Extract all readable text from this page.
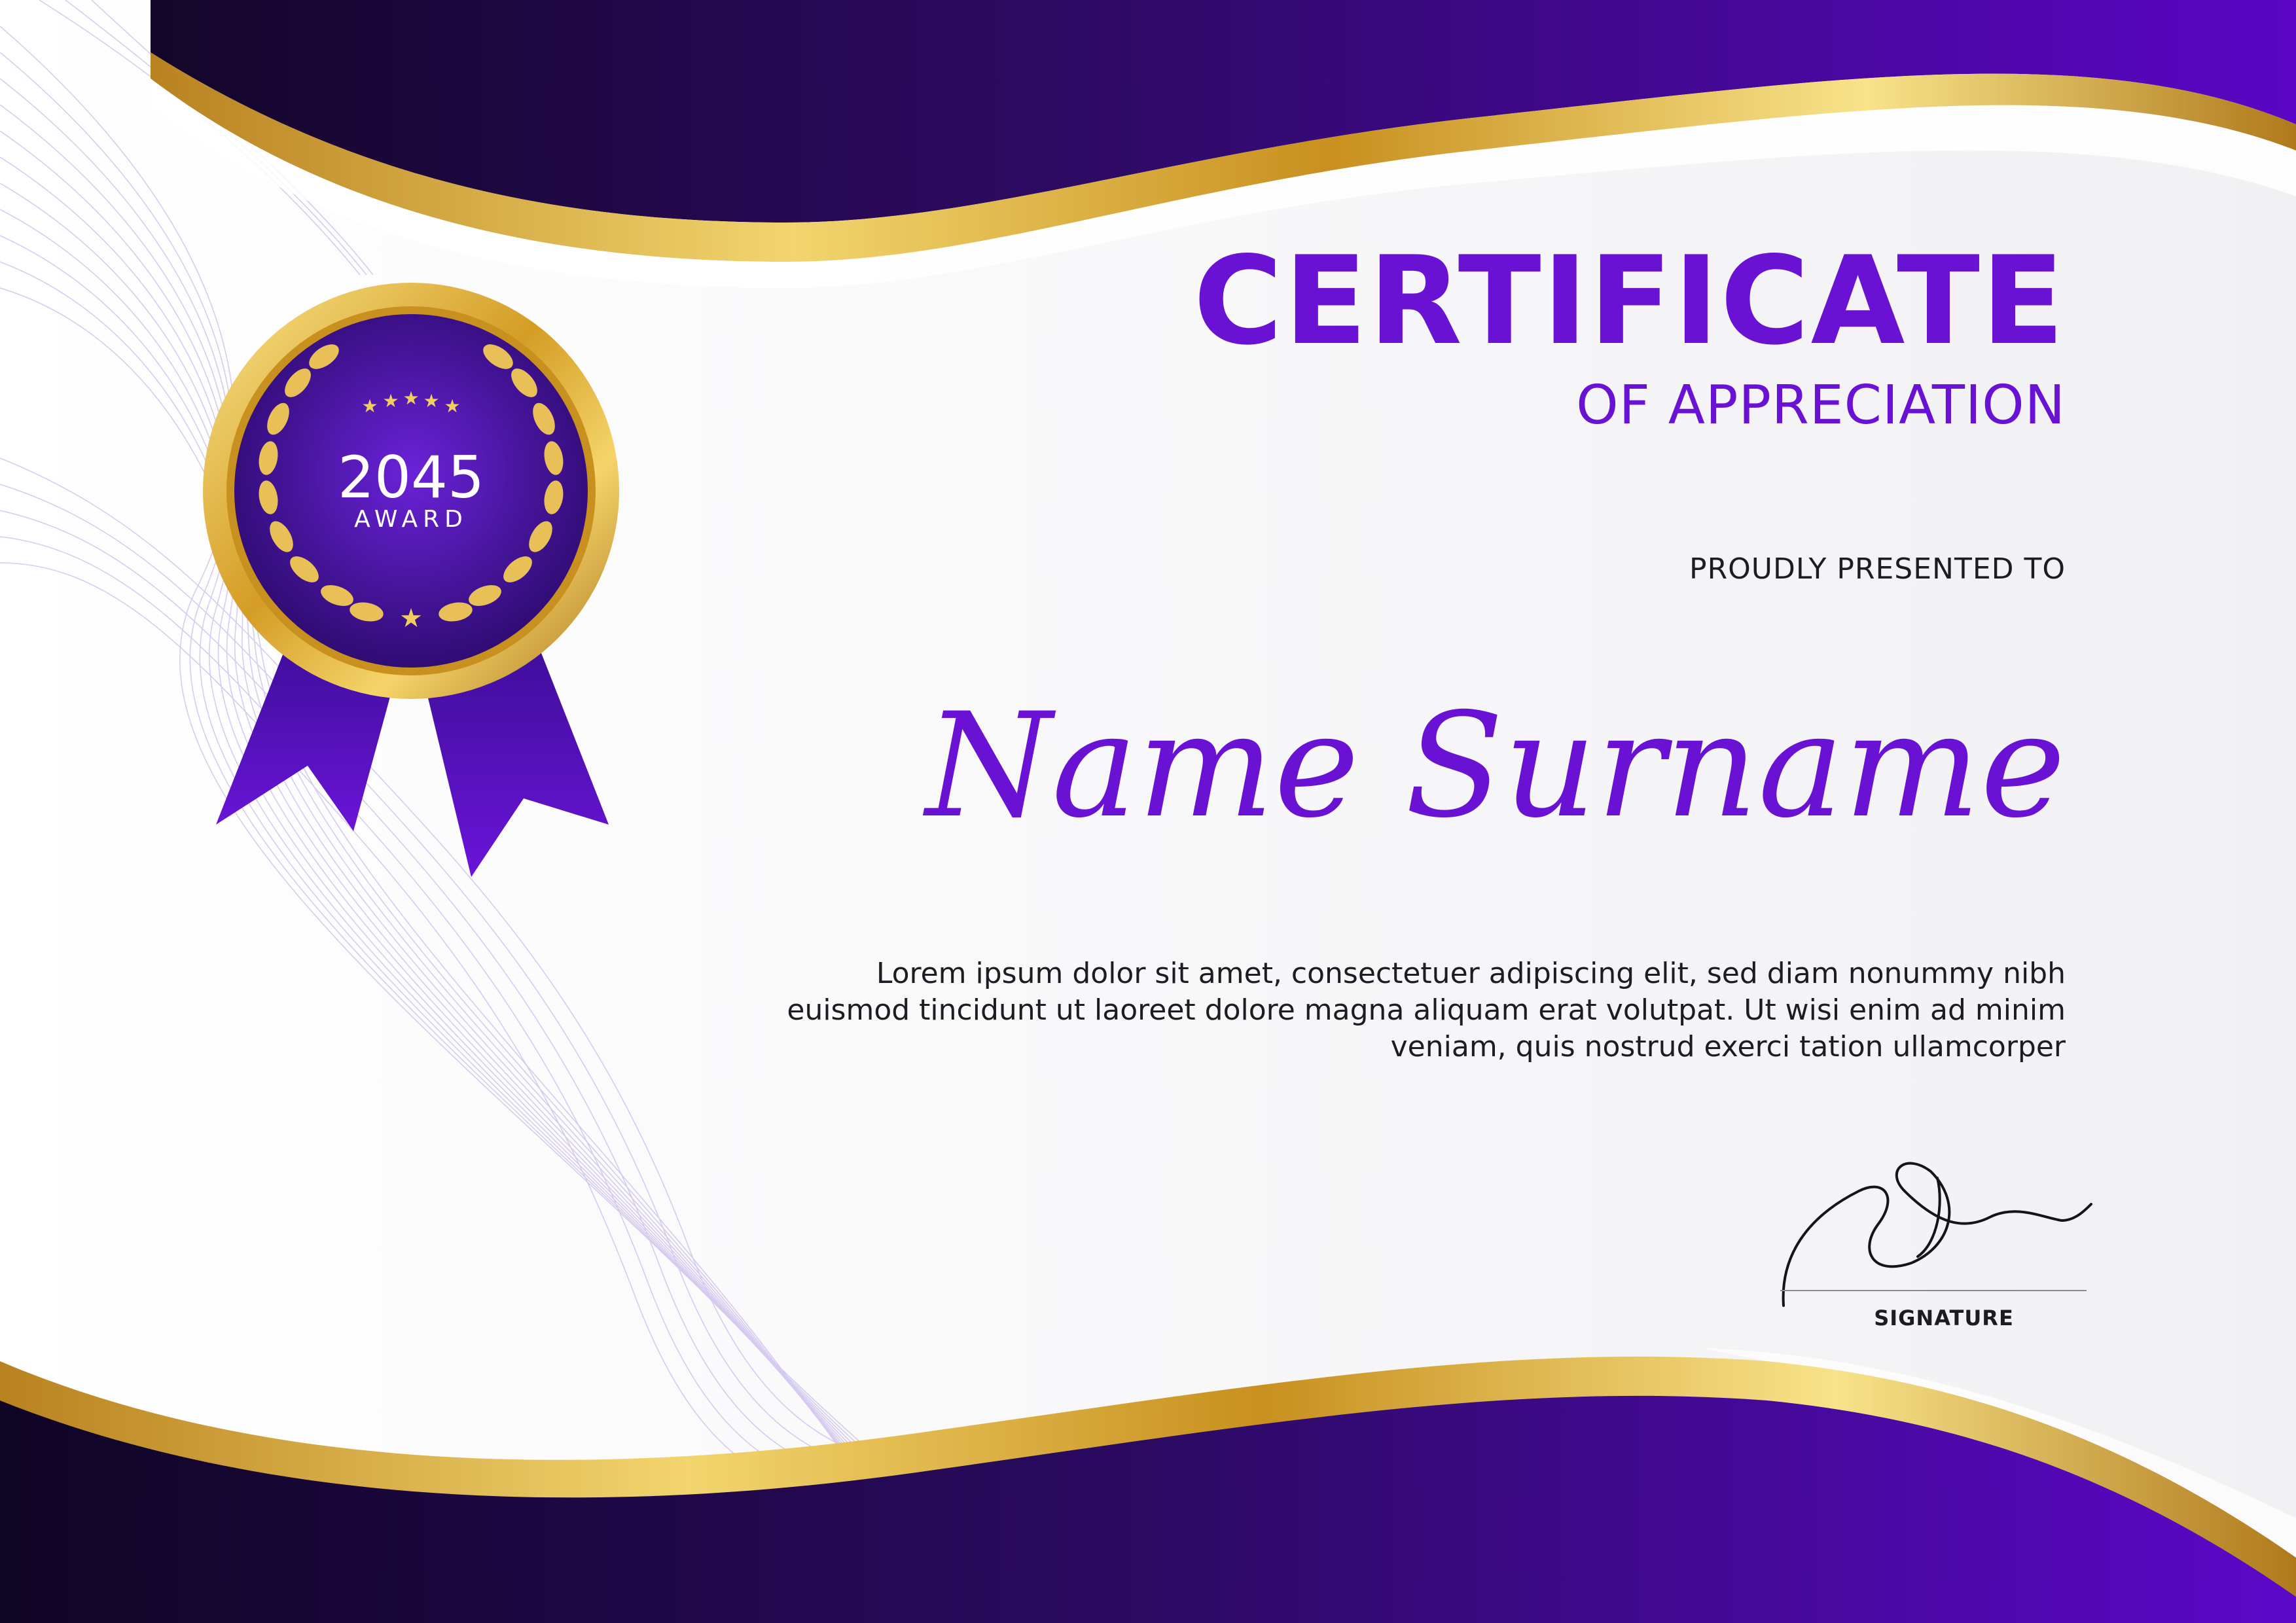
★ ★ ★ ★ ★
★
CERTIFICATE
OF APPRECIATION
PROUDLY PRESENTED TO
Name Surname
Lorem ipsum dolor sit amet, consectetuer adipiscing elit, sed diam nonummy nibh euismod tincidunt ut laoreet dolore magna aliquam erat volutpat. Ut wisi enim ad minim veniam, quis nostrud exerci tation ullamcorper
SIGNATURE
2045
AWARD
